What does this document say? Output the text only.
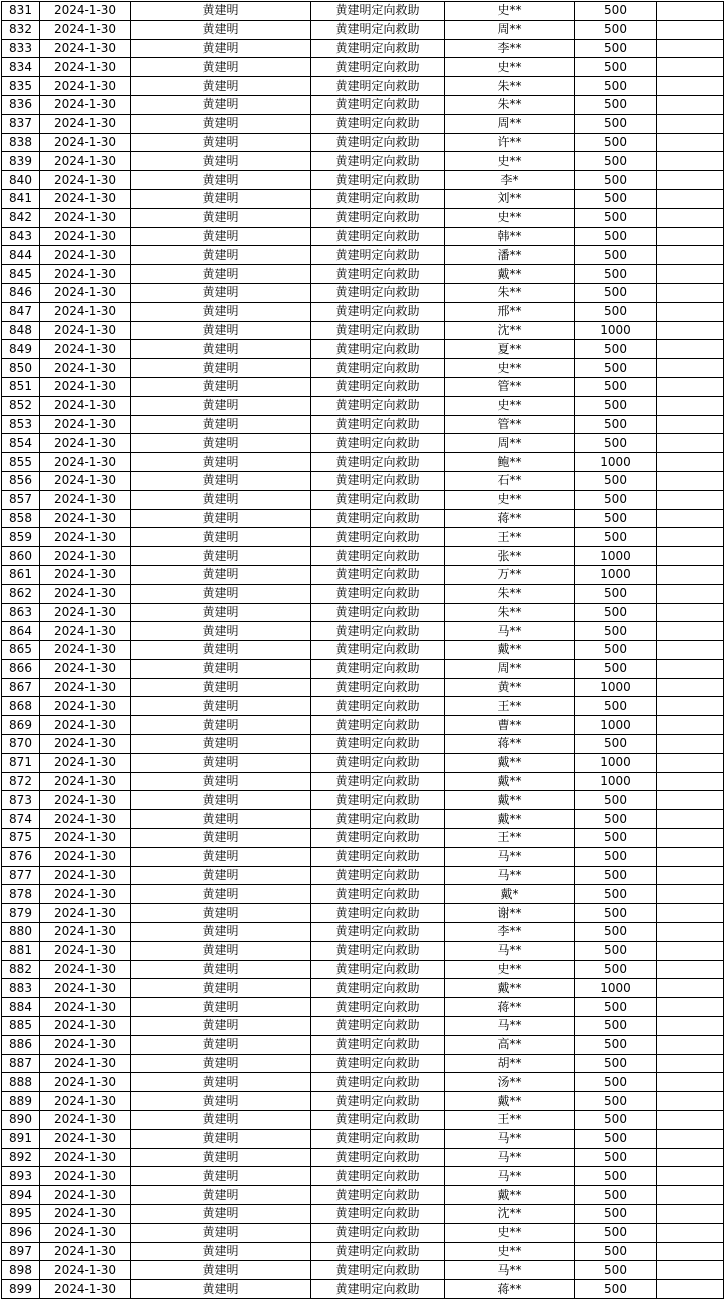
831	2024-1-30	黄建明	黄建明定向救助	史**	500	
832	2024-1-30	黄建明	黄建明定向救助	周**	500	
833	2024-1-30	黄建明	黄建明定向救助	李**	500	
834	2024-1-30	黄建明	黄建明定向救助	史**	500	
835	2024-1-30	黄建明	黄建明定向救助	朱**	500	
836	2024-1-30	黄建明	黄建明定向救助	朱**	500	
837	2024-1-30	黄建明	黄建明定向救助	周**	500	
838	2024-1-30	黄建明	黄建明定向救助	许**	500	
839	2024-1-30	黄建明	黄建明定向救助	史**	500	
840	2024-1-30	黄建明	黄建明定向救助	李*	500	
841	2024-1-30	黄建明	黄建明定向救助	刘**	500	
842	2024-1-30	黄建明	黄建明定向救助	史**	500	
843	2024-1-30	黄建明	黄建明定向救助	韩**	500	
844	2024-1-30	黄建明	黄建明定向救助	潘**	500	
845	2024-1-30	黄建明	黄建明定向救助	戴**	500	
846	2024-1-30	黄建明	黄建明定向救助	朱**	500	
847	2024-1-30	黄建明	黄建明定向救助	邢**	500	
848	2024-1-30	黄建明	黄建明定向救助	沈**	1000	
849	2024-1-30	黄建明	黄建明定向救助	夏**	500	
850	2024-1-30	黄建明	黄建明定向救助	史**	500	
851	2024-1-30	黄建明	黄建明定向救助	管**	500	
852	2024-1-30	黄建明	黄建明定向救助	史**	500	
853	2024-1-30	黄建明	黄建明定向救助	管**	500	
854	2024-1-30	黄建明	黄建明定向救助	周**	500	
855	2024-1-30	黄建明	黄建明定向救助	鲍**	1000	
856	2024-1-30	黄建明	黄建明定向救助	石**	500	
857	2024-1-30	黄建明	黄建明定向救助	史**	500	
858	2024-1-30	黄建明	黄建明定向救助	蒋**	500	
859	2024-1-30	黄建明	黄建明定向救助	王**	500	
860	2024-1-30	黄建明	黄建明定向救助	张**	1000	
861	2024-1-30	黄建明	黄建明定向救助	万**	1000	
862	2024-1-30	黄建明	黄建明定向救助	朱**	500	
863	2024-1-30	黄建明	黄建明定向救助	朱**	500	
864	2024-1-30	黄建明	黄建明定向救助	马**	500	
865	2024-1-30	黄建明	黄建明定向救助	戴**	500	
866	2024-1-30	黄建明	黄建明定向救助	周**	500	
867	2024-1-30	黄建明	黄建明定向救助	黄**	1000	
868	2024-1-30	黄建明	黄建明定向救助	王**	500	
869	2024-1-30	黄建明	黄建明定向救助	曹**	1000	
870	2024-1-30	黄建明	黄建明定向救助	蒋**	500	
871	2024-1-30	黄建明	黄建明定向救助	戴**	1000	
872	2024-1-30	黄建明	黄建明定向救助	戴**	1000	
873	2024-1-30	黄建明	黄建明定向救助	戴**	500	
874	2024-1-30	黄建明	黄建明定向救助	戴**	500	
875	2024-1-30	黄建明	黄建明定向救助	王**	500	
876	2024-1-30	黄建明	黄建明定向救助	马**	500	
877	2024-1-30	黄建明	黄建明定向救助	马**	500	
878	2024-1-30	黄建明	黄建明定向救助	戴*	500	
879	2024-1-30	黄建明	黄建明定向救助	谢**	500	
880	2024-1-30	黄建明	黄建明定向救助	李**	500	
881	2024-1-30	黄建明	黄建明定向救助	马**	500	
882	2024-1-30	黄建明	黄建明定向救助	史**	500	
883	2024-1-30	黄建明	黄建明定向救助	戴**	1000	
884	2024-1-30	黄建明	黄建明定向救助	蒋**	500	
885	2024-1-30	黄建明	黄建明定向救助	马**	500	
886	2024-1-30	黄建明	黄建明定向救助	高**	500	
887	2024-1-30	黄建明	黄建明定向救助	胡**	500	
888	2024-1-30	黄建明	黄建明定向救助	汤**	500	
889	2024-1-30	黄建明	黄建明定向救助	戴**	500	
890	2024-1-30	黄建明	黄建明定向救助	王**	500	
891	2024-1-30	黄建明	黄建明定向救助	马**	500	
892	2024-1-30	黄建明	黄建明定向救助	马**	500	
893	2024-1-30	黄建明	黄建明定向救助	马**	500	
894	2024-1-30	黄建明	黄建明定向救助	戴**	500	
895	2024-1-30	黄建明	黄建明定向救助	沈**	500	
896	2024-1-30	黄建明	黄建明定向救助	史**	500	
897	2024-1-30	黄建明	黄建明定向救助	史**	500	
898	2024-1-30	黄建明	黄建明定向救助	马**	500	
899	2024-1-30	黄建明	黄建明定向救助	蒋**	500	
